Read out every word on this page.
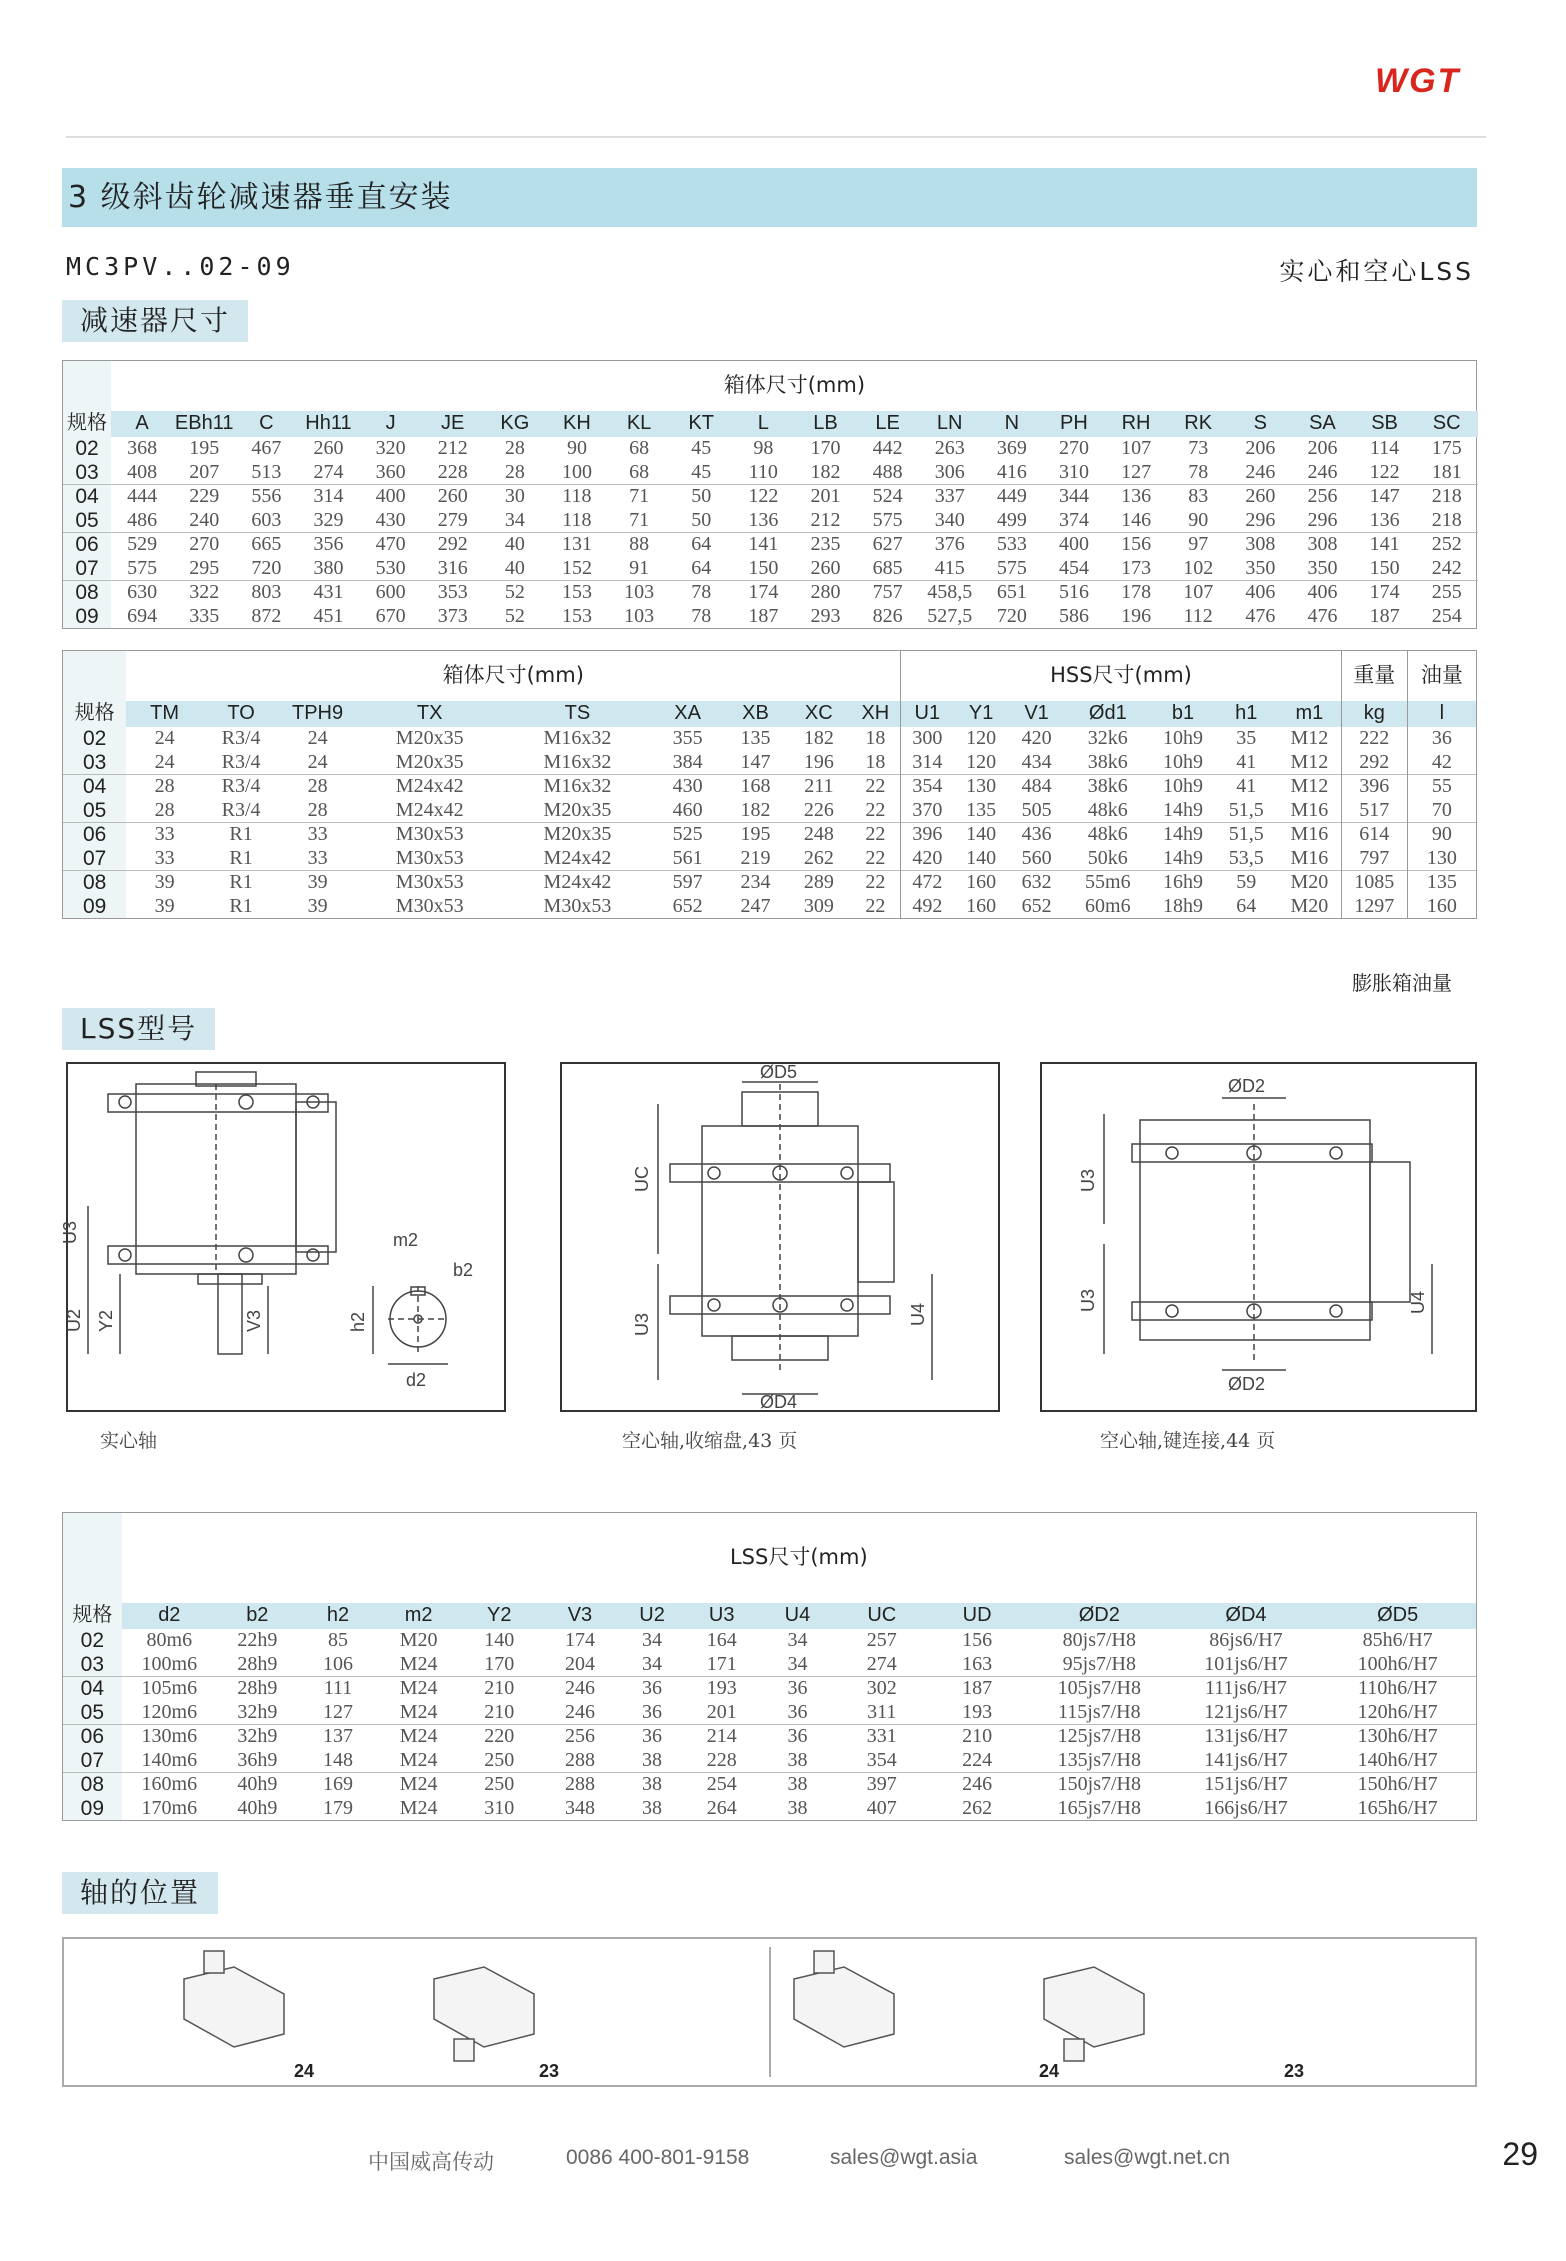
WGT
3 级斜齿轮减速器垂直安装
MC3PV..02-09	实心和空心LSS
减速器尺寸
	箱体尺寸(mm)																					
规格	A	EBh11	C	Hh11	J	JE	KG	KH	KL	KT	L	LB	LE	LN	N	PH	RH	RK	S	SA	SB	SC
02	368	195	467	260	320	212	28	90	68	45	98	170	442	263	369	270	107	73	206	206	114	175
03	408	207	513	274	360	228	28	100	68	45	110	182	488	306	416	310	127	78	246	246	122	181
04	444	229	556	314	400	260	30	118	71	50	122	201	524	337	449	344	136	83	260	256	147	218
05	486	240	603	329	430	279	34	118	71	50	136	212	575	340	499	374	146	90	296	296	136	218
06	529	270	665	356	470	292	40	131	88	64	141	235	627	376	533	400	156	97	308	308	141	252
07	575	295	720	380	530	316	40	152	91	64	150	260	685	415	575	454	173	102	350	350	150	242
08	630	322	803	431	600	353	52	153	103	78	174	280	757	458,5	651	516	178	107	406	406	174	255
09	694	335	872	451	670	373	52	153	103	78	187	293	826	527,5	720	586	196	112	476	476	187	254
	箱体尺寸(mm)									HSS尺寸(mm)							重量	油量
规格	TM	TO	TPH9	TX	TS	XA	XB	XC	XH	U1	Y1	V1	Ød1	b1	h1	m1	kg	l
02	24	R3/4	24	M20x35	M16x32	355	135	182	18	300	120	420	32k6	10h9	35	M12	222	36
03	24	R3/4	24	M20x35	M16x32	384	147	196	18	314	120	434	38k6	10h9	41	M12	292	42
04	28	R3/4	28	M24x42	M16x32	430	168	211	22	354	130	484	38k6	10h9	41	M12	396	55
05	28	R3/4	28	M24x42	M20x35	460	182	226	22	370	135	505	48k6	14h9	51,5	M16	517	70
06	33	R1	33	M30x53	M20x35	525	195	248	22	396	140	436	48k6	14h9	51,5	M16	614	90
07	33	R1	33	M30x53	M24x42	561	219	262	22	420	140	560	50k6	14h9	53,5	M16	797	130
08	39	R1	39	M30x53	M24x42	597	234	289	22	472	160	632	55m6	16h9	59	M20	1085	135
09	39	R1	39	M30x53	M30x53	652	247	309	22	492	160	652	60m6	18h9	64	M20	1297	160
膨胀箱油量
LSS型号
U3
U2 Y2	V3	h2
m2
b2
d2
实心轴
ØD5
ØD4
UC
U3	U4
空心轴,收缩盘,43 页
ØD2
ØD2
U3
U3	U4
空心轴,键连接,44 页
	LSS尺寸(mm)													
规格	d2	b2	h2	m2	Y2	V3	U2	U3	U4	UC	UD	ØD2	ØD4	ØD5
02	80m6	22h9	85	M20	140	174	34	164	34	257	156	80js7/H8	86js6/H7	85h6/H7
03	100m6	28h9	106	M24	170	204	34	171	34	274	163	95js7/H8	101js6/H7	100h6/H7
04	105m6	28h9	111	M24	210	246	36	193	36	302	187	105js7/H8	111js6/H7	110h6/H7
05	120m6	32h9	127	M24	210	246	36	201	36	311	193	115js7/H8	121js6/H7	120h6/H7
06	130m6	32h9	137	M24	220	256	36	214	36	331	210	125js7/H8	131js6/H7	130h6/H7
07	140m6	36h9	148	M24	250	288	38	228	38	354	224	135js7/H8	141js6/H7	140h6/H7
08	160m6	40h9	169	M24	250	288	38	254	38	397	246	150js7/H8	151js6/H7	150h6/H7
09	170m6	40h9	179	M24	310	348	38	264	38	407	262	165js7/H8	166js6/H7	165h6/H7
轴的位置
24	23	24	23
中国威高传动	0086 400-801-9158	sales@wgt.asia	sales@wgt.net.cn	29
